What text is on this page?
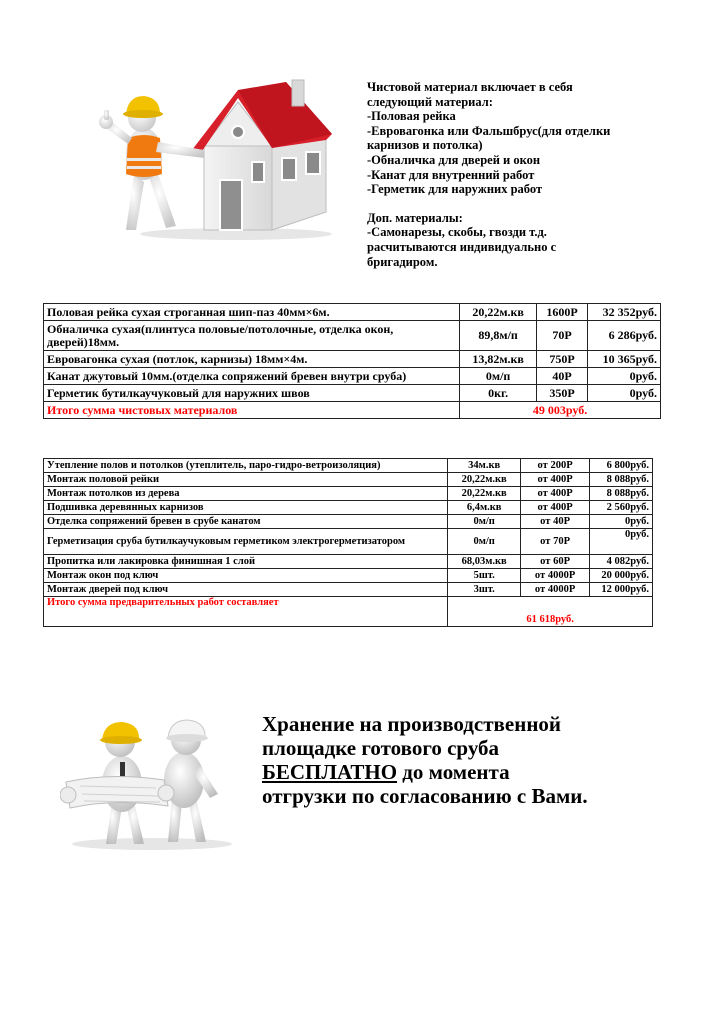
Чистовой материал включает в себя
следующий материал:
-Половая рейка
-Евровагонка или Фальшбрус(для отделки
карнизов и потолка)
-Обналичка для дверей и окон
-Канат для внутренний работ
-Герметик для наружних работ
Доп. материалы:
-Самонарезы, скобы, гвозди т.д.
расчитываются индивидуально с
бригадиром.
Половая рейка сухая строганная шип-паз 40мм×6м.	20,22м.кв	1600Р	32 352руб.
Обналичка сухая(плинтуса половые/потолочные, отделка окон, дверей)18мм.	89,8м/п	70Р	6 286руб.
Евровагонка сухая (потлок, карнизы) 18мм×4м.	13,82м.кв	750Р	10 365руб.
Канат джутовый 10мм.(отделка сопряжений бревен внутри сруба)	0м/п	40Р	0руб.
Герметик бутилкаучуковый для наружних швов	0кг.	350Р	0руб.
Итого сумма чистовых материалов	49 003руб.		
Утепление полов и потолков (утеплитель, паро-гидро-ветроизоляция)	34м.кв	от 200Р	6 800руб.
Монтаж половой рейки	20,22м.кв	от 400Р	8 088руб.
Монтаж потолков из дерева	20,22м.кв	от 400Р	8 088руб.
Подшивка деревянных карнизов	6,4м.кв	от 400Р	2 560руб.
Отделка сопряжений бревен в срубе канатом	0м/п	от 40Р	0руб.
Герметизация сруба бутилкаучуковым герметиком электрогерметизатором	0м/п	от 70Р	0руб.
Пропитка или лакировка финишная 1 слой	68,03м.кв	от 60Р	4 082руб.
Монтаж окон под ключ	5шт.	от 4000Р	20 000руб.
Монтаж дверей под ключ	3шт.	от 4000Р	12 000руб.
Итого сумма предварительных работ составляет	61 618руб.		
Хранение на производственной
площадке готового сруба
БЕСПЛАТНО до момента
отгрузки по согласованию с Вами.
